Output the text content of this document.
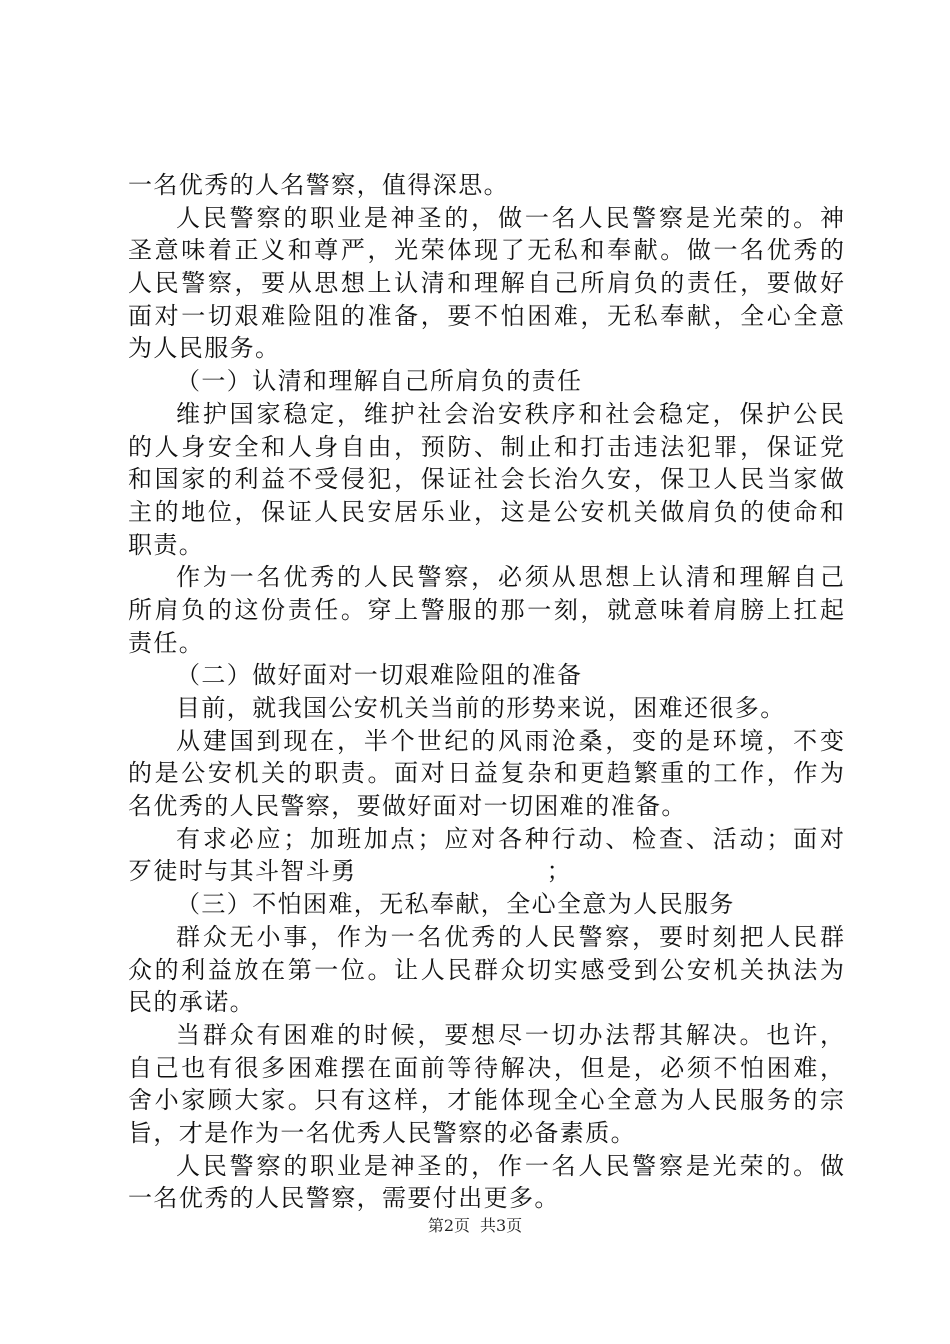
一名优秀的人名警察，值得深思。
人民警察的职业是神圣的，做一名人民警察是光荣的。神
圣意味着正义和尊严，光荣体现了无私和奉献。做一名优秀的
人民警察，要从思想上认清和理解自己所肩负的责任，要做好
面对一切艰难险阻的准备，要不怕困难，无私奉献，全心全意
为人民服务。
（一）认清和理解自己所肩负的责任
维护国家稳定，维护社会治安秩序和社会稳定，保护公民
的人身安全和人身自由，预防、制止和打击违法犯罪，保证党
和国家的利益不受侵犯，保证社会长治久安，保卫人民当家做
主的地位，保证人民安居乐业，这是公安机关做肩负的使命和
职责。
作为一名优秀的人民警察，必须从思想上认清和理解自己
所肩负的这份责任。穿上警服的那一刻，就意味着肩膀上扛起
责任。
（二）做好面对一切艰难险阻的准备
目前，就我国公安机关当前的形势来说，困难还很多。
从建国到现在，半个世纪的风雨沧桑，变的是环境，不变
的是公安机关的职责。面对日益复杂和更趋繁重的工作，作为
名优秀的人民警察，要做好面对一切困难的准备。
有求必应；加班加点；应对各种行动、检查、活动；面对
歹徒时与其斗智斗勇	；
（三）不怕困难，无私奉献，全心全意为人民服务
群众无小事，作为一名优秀的人民警察，要时刻把人民群
众的利益放在第一位。让人民群众切实感受到公安机关执法为
民的承诺。
当群众有困难的时候，要想尽一切办法帮其解决。也许，
自己也有很多困难摆在面前等待解决，但是，必须不怕困难，
舍小家顾大家。只有这样，才能体现全心全意为人民服务的宗
旨，才是作为一名优秀人民警察的必备素质。
人民警察的职业是神圣的，作一名人民警察是光荣的。做
一名优秀的人民警察，需要付出更多。
第2页 共3页
